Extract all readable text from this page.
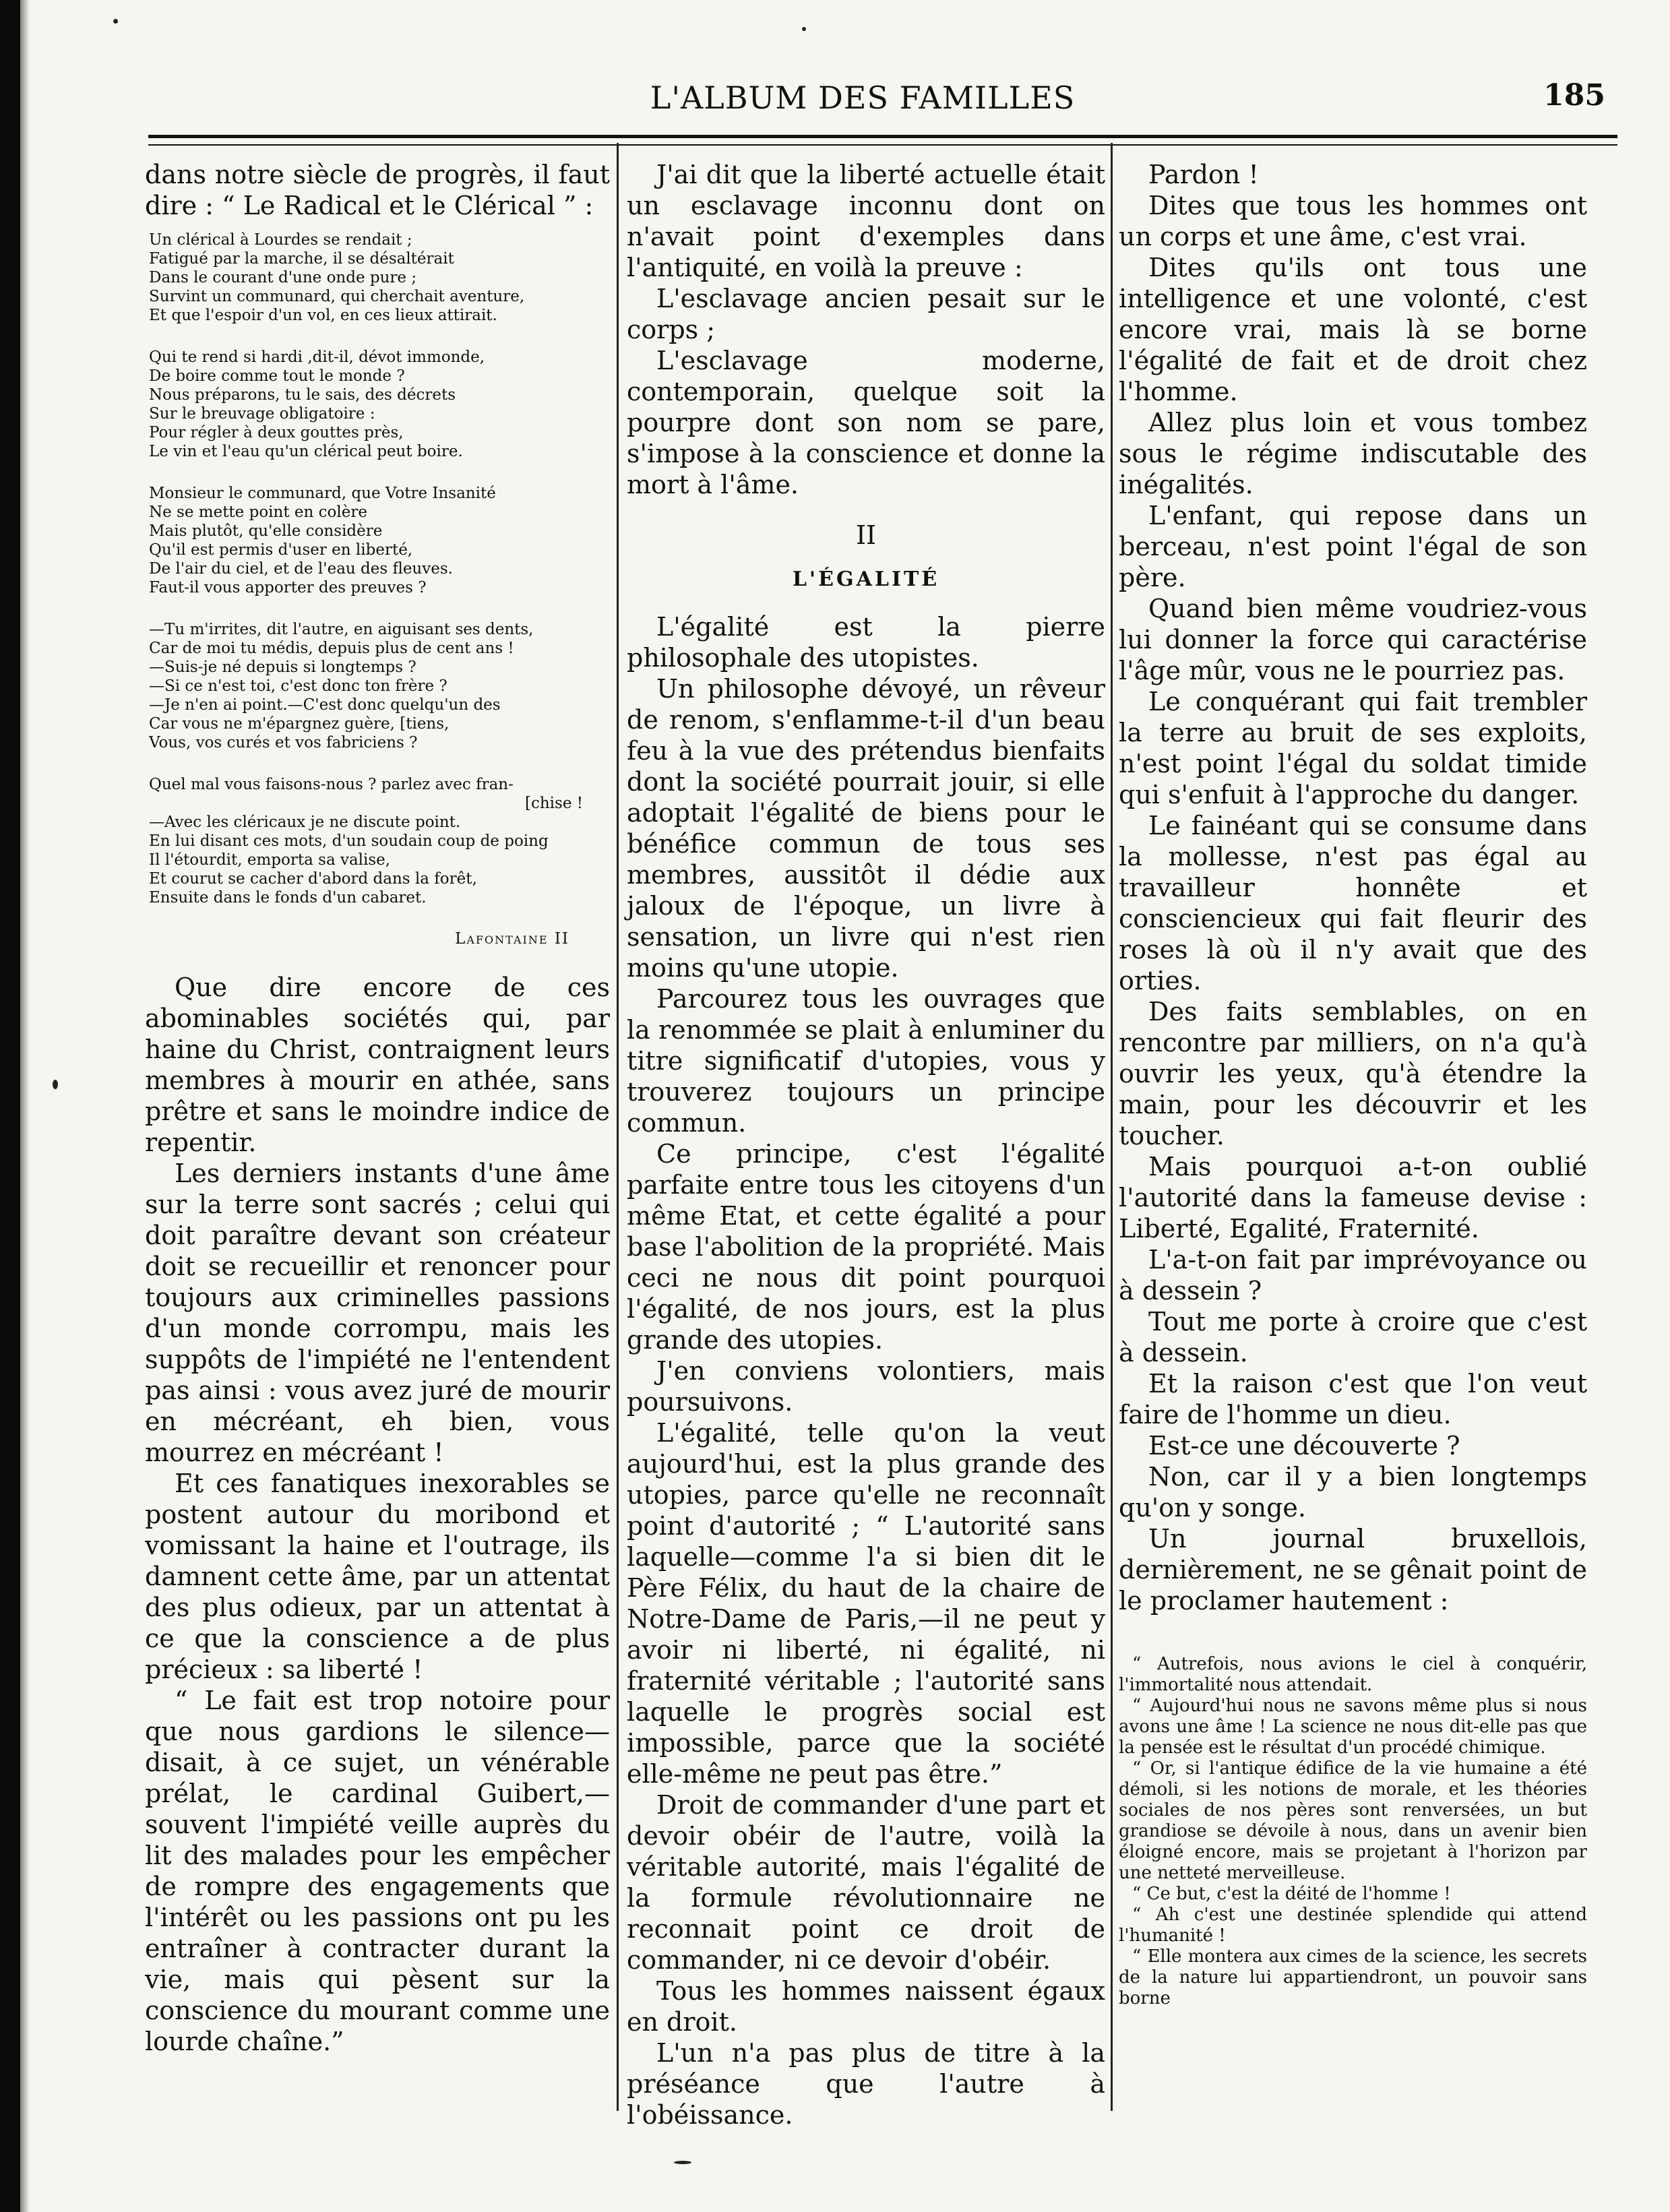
L'ALBUM DES FAMILLES	185

dans notre siècle de progrès, il faut dire : “ Le Radical et le Clérical ” :

Un clérical à Lourdes se rendait ;
Fatigué par la marche, il se désaltérait
Dans le courant d'une onde pure ;
Survint un communard, qui cherchait aventure,
Et que l'espoir d'un vol, en ces lieux attirait.
Qui te rend si hardi ,dit-il, dévot immonde,
De boire comme tout le monde ?
Nous préparons, tu le sais, des décrets
Sur le breuvage obligatoire :
Pour régler à deux gouttes près,
Le vin et l'eau qu'un clérical peut boire.
Monsieur le communard, que Votre Insanité
Ne se mette point en colère
Mais plutôt, qu'elle considère
Qu'il est permis d'user en liberté,
De l'air du ciel, et de l'eau des fleuves.
Faut-il vous apporter des preuves ?
—Tu m'irrites, dit l'autre, en aiguisant ses dents,
Car de moi tu médis, depuis plus de cent ans !
—Suis-je né depuis si longtemps ?
—Si ce n'est toi, c'est donc ton frère ?
—Je n'en ai point.—C'est donc quelqu'un des
Car vous ne m'épargnez guère, [tiens,
Vous, vos curés et vos fabriciens ?
Quel mal vous faisons-nous ? parlez avec fran-
[chise !
—Avec les cléricaux je ne discute point.
En lui disant ces mots, d'un soudain coup de poing
Il l'étourdit, emporta sa valise,
Et courut se cacher d'abord dans la forêt,
Ensuite dans le fonds d'un cabaret.
Lafontaine II

Que dire encore de ces abominables sociétés qui, par haine du Christ, contraignent leurs membres à mourir en athée, sans prêtre et sans le moindre indice de repentir.

Les derniers instants d'une âme sur la terre sont sacrés ; celui qui doit paraître devant son créateur doit se recueillir et renoncer pour toujours aux criminelles passions d'un monde corrompu, mais les suppôts de l'impiété ne l'entendent pas ainsi : vous avez juré de mourir en mécréant, eh bien, vous mourrez en mécréant !

Et ces fanatiques inexorables se postent autour du moribond et vomissant la haine et l'outrage, ils damnent cette âme, par un attentat des plus odieux, par un attentat à ce que la conscience a de plus précieux : sa liberté !

“ Le fait est trop notoire pour que nous gardions le silence—disait, à ce sujet, un vénérable prélat, le cardinal Guibert,—souvent l'impiété veille auprès du lit des malades pour les empêcher de rompre des engagements que l'intérêt ou les passions ont pu les entraîner à contracter durant la vie, mais qui pèsent sur la conscience du mourant comme une lourde chaîne.”

J'ai dit que la liberté actuelle était un esclavage inconnu dont on n'avait point d'exemples dans l'antiquité, en voilà la preuve :

L'esclavage ancien pesait sur le corps ;

L'esclavage moderne, contemporain, quelque soit la pourpre dont son nom se pare, s'impose à la conscience et donne la mort à l'âme.

II
L'ÉGALITÉ

L'égalité est la pierre philosophale des utopistes.

Un philosophe dévoyé, un rêveur de renom, s'enflamme-t-il d'un beau feu à la vue des prétendus bienfaits dont la société pourrait jouir, si elle adoptait l'égalité de biens pour le bénéfice commun de tous ses membres, aussitôt il dédie aux jaloux de l'époque, un livre à sensation, un livre qui n'est rien moins qu'une utopie.

Parcourez tous les ouvrages que la renommée se plait à enluminer du titre significatif d'utopies, vous y trouverez toujours un principe commun.

Ce principe, c'est l'égalité parfaite entre tous les citoyens d'un même Etat, et cette égalité a pour base l'abolition de la propriété. Mais ceci ne nous dit point pourquoi l'égalité, de nos jours, est la plus grande des utopies.

J'en conviens volontiers, mais poursuivons.

L'égalité, telle qu'on la veut aujourd'hui, est la plus grande des utopies, parce qu'elle ne reconnaît point d'autorité ; “ L'autorité sans laquelle—comme l'a si bien dit le Père Félix, du haut de la chaire de Notre-Dame de Paris,—il ne peut y avoir ni liberté, ni égalité, ni fraternité véritable ; l'autorité sans laquelle le progrès social est impossible, parce que la société elle-même ne peut pas être.”

Droit de commander d'une part et devoir obéir de l'autre, voilà la véritable autorité, mais l'égalité de la formule révolutionnaire ne reconnait point ce droit de commander, ni ce devoir d'obéir.

Tous les hommes naissent égaux en droit.

L'un n'a pas plus de titre à la préséance que l'autre à l'obéissance.

Pardon !

Dites que tous les hommes ont un corps et une âme, c'est vrai.

Dites qu'ils ont tous une intelligence et une volonté, c'est encore vrai, mais là se borne l'égalité de fait et de droit chez l'homme.

Allez plus loin et vous tombez sous le régime indiscutable des inégalités.

L'enfant, qui repose dans un berceau, n'est point l'égal de son père.

Quand bien même voudriez-vous lui donner la force qui caractérise l'âge mûr, vous ne le pourriez pas.

Le conquérant qui fait trembler la terre au bruit de ses exploits, n'est point l'égal du soldat timide qui s'enfuit à l'approche du danger.

Le fainéant qui se consume dans la mollesse, n'est pas égal au travailleur honnête et consciencieux qui fait fleurir des roses là où il n'y avait que des orties.

Des faits semblables, on en rencontre par milliers, on n'a qu'à ouvrir les yeux, qu'à étendre la main, pour les découvrir et les toucher.

Mais pourquoi a-t-on oublié l'autorité dans la fameuse devise : Liberté, Egalité, Fraternité.

L'a-t-on fait par imprévoyance ou à dessein ?

Tout me porte à croire que c'est à dessein.

Et la raison c'est que l'on veut faire de l'homme un dieu.

Est-ce une découverte ?

Non, car il y a bien longtemps qu'on y songe.

Un journal bruxellois, dernièrement, ne se gênait point de le proclamer hautement :

“ Autrefois, nous avions le ciel à conquérir, l'immortalité nous attendait.
“ Aujourd'hui nous ne savons même plus si nous avons une âme ! La science ne nous dit-elle pas que la pensée est le résultat d'un procédé chimique.
“ Or, si l'antique édifice de la vie humaine a été démoli, si les notions de morale, et les théories sociales de nos pères sont renversées, un but grandiose se dévoile à nous, dans un avenir bien éloigné encore, mais se projetant à l'horizon par une netteté merveilleuse.
“ Ce but, c'est la déité de l'homme !
“ Ah c'est une destinée splendide qui attend l'humanité !
“ Elle montera aux cimes de la science, les secrets de la nature lui appartiendront, un pouvoir sans borne
